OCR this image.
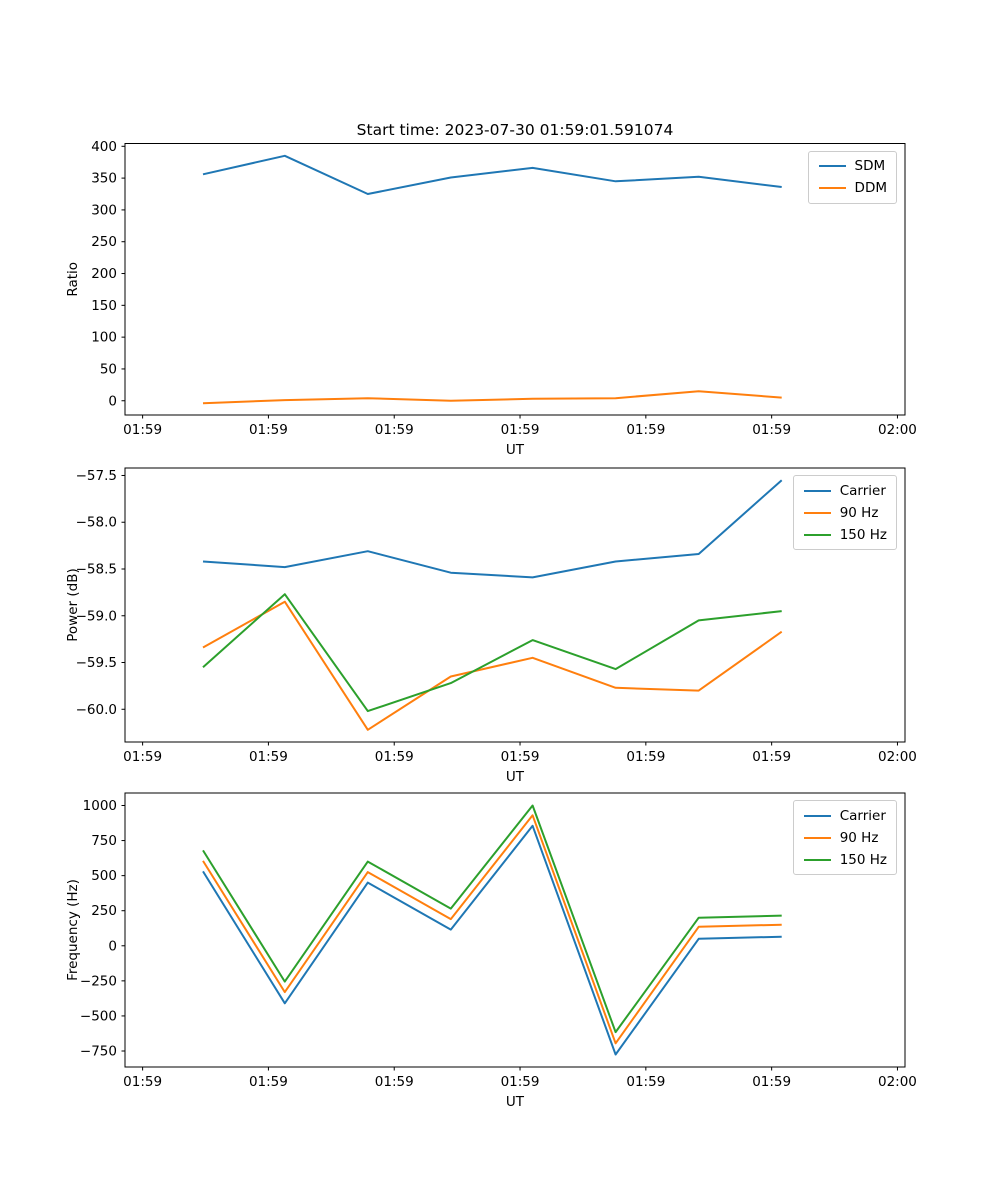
01:59	01:59	01:59	01:59	01:59	01:59	02:00
0
50
100
150
200
250
300
350
400
UT
Ratio
01:59	01:59	01:59	01:59	01:59	01:59	02:00
−57.5
−58.0
−58.5
−59.0
−59.5
−60.0
UT
Power (dB)
01:59	01:59	01:59	01:59	01:59	01:59	02:00
1000
750
500
250
0
−250
−500
−750
UT
Frequency (Hz)
Start time: 2023-07-30 01:59:01.591074
SDM
DDM
Carrier
90 Hz
150 Hz
Carrier
90 Hz
150 Hz
